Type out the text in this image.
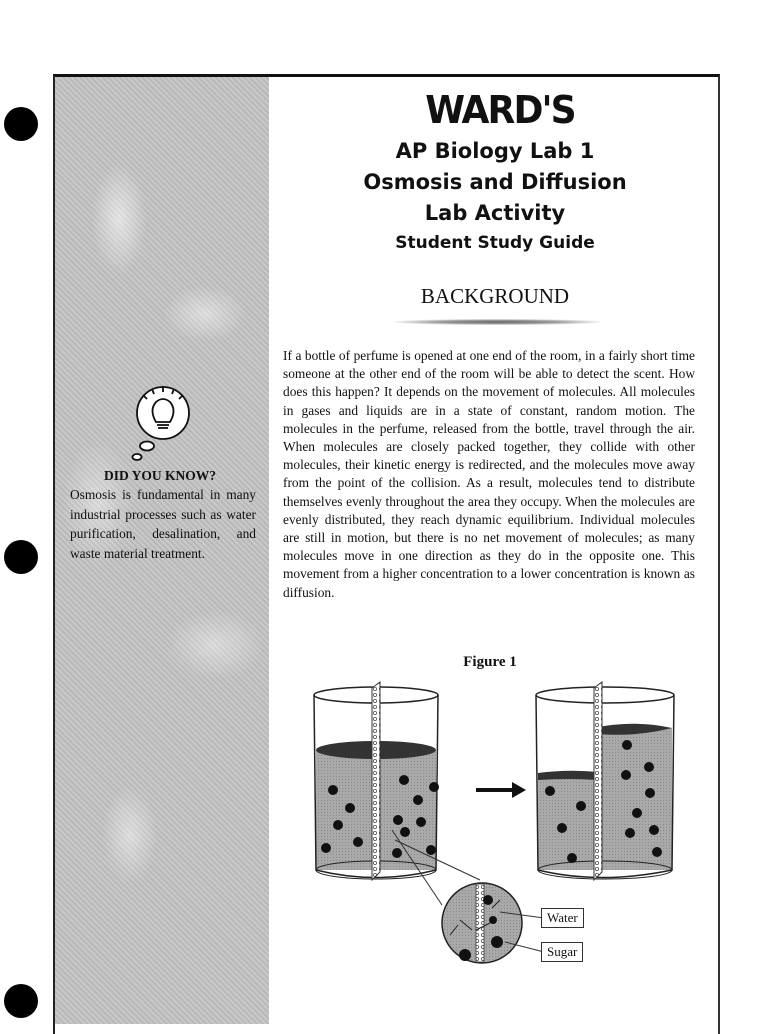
WARD'S
AP Biology Lab 1
Osmosis and Diffusion
Lab Activity
Student Study Guide
BACKGROUND

If a bottle of perfume is opened at one end of the room, in a fairly short time someone at the other end of the room will be able to detect the scent. How does this happen? It depends on the movement of molecules. All molecules in gases and liquids are in a state of constant, random motion. The molecules in the perfume, released from the bottle, travel through the air. When molecules are closely packed together, they collide with other molecules, their kinetic energy is redirected, and the molecules move away from the point of the collision. As a result, molecules tend to distribute themselves evenly throughout the area they occupy. When the molecules are evenly distributed, they reach dynamic equilibrium. Individual molecules are still in motion, but there is no net movement of molecules; as many molecules move in one direction as they do in the opposite one. This movement from a higher concentration to a lower concentration is known as diffusion.

DID YOU KNOW?
Osmosis is fundamental in many industrial processes such as water purification, desalination, and waste material treatment.
Figure 1
Water
Sugar
